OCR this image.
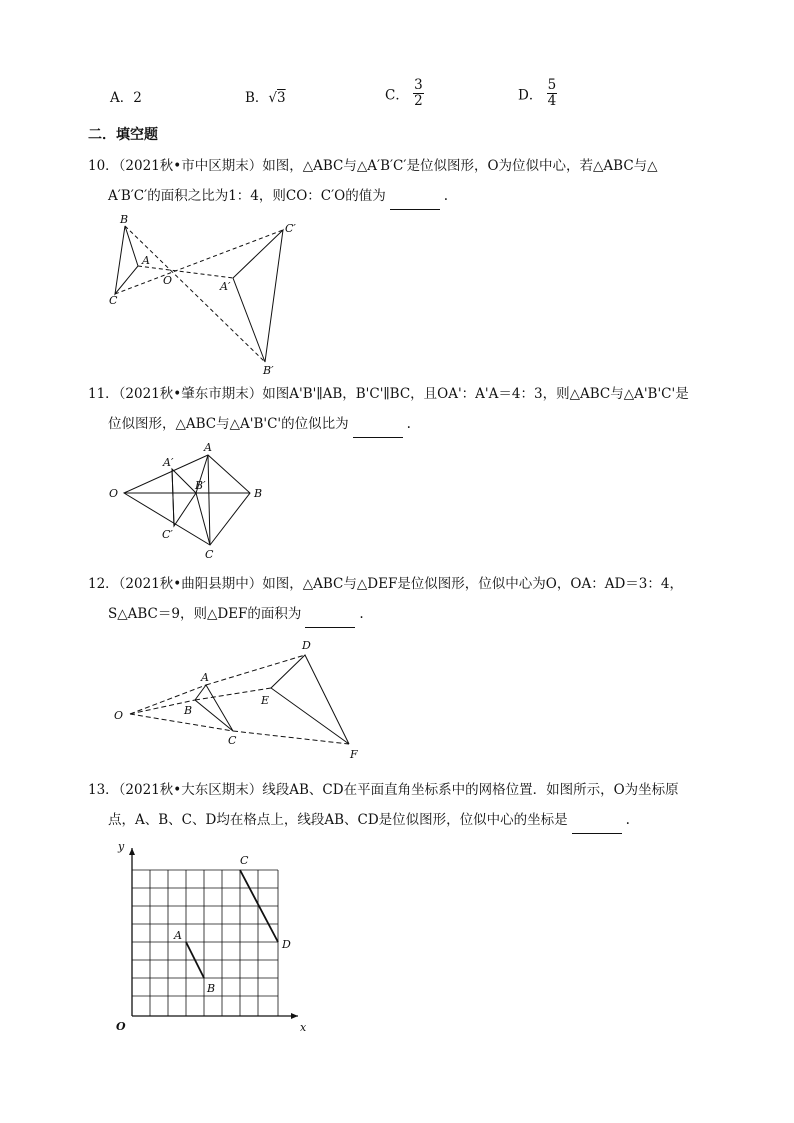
A．2	B．√3	C． $\frac{3}{2}$	D． $\frac{5}{4}$
二．填空题
10．（2021秋•市中区期末）如图，△ABC与△A′B′C′是位似图形，O为位似中心，若△ABC与△
A′B′C′的面积之比为1：4，则CO：C′O的值为	.
B
A
C
O	A′
C′
B′
11．（2021秋•肇东市期末）如图A'B'∥AB，B'C'∥BC，且OA'：A'A＝4：3，则△ABC与△A'B'C'是
位似图形，△ABC与△A'B'C'的位似比为	.
O
A
A′
B′
B
C′
C
12．（2021秋•曲阳县期中）如图，△ABC与△DEF是位似图形，位似中心为O，OA：AD＝3：4，
S△ABC＝9，则△DEF的面积为	.
O
A
B
C
D
E
F
13．（2021秋•大东区期末）线段AB、CD在平面直角坐标系中的网格位置．如图所示，O为坐标原
点，A、B、C、D均在格点上，线段AB、CD是位似图形，位似中心的坐标是	.
y
x
O
A
B
C
D
